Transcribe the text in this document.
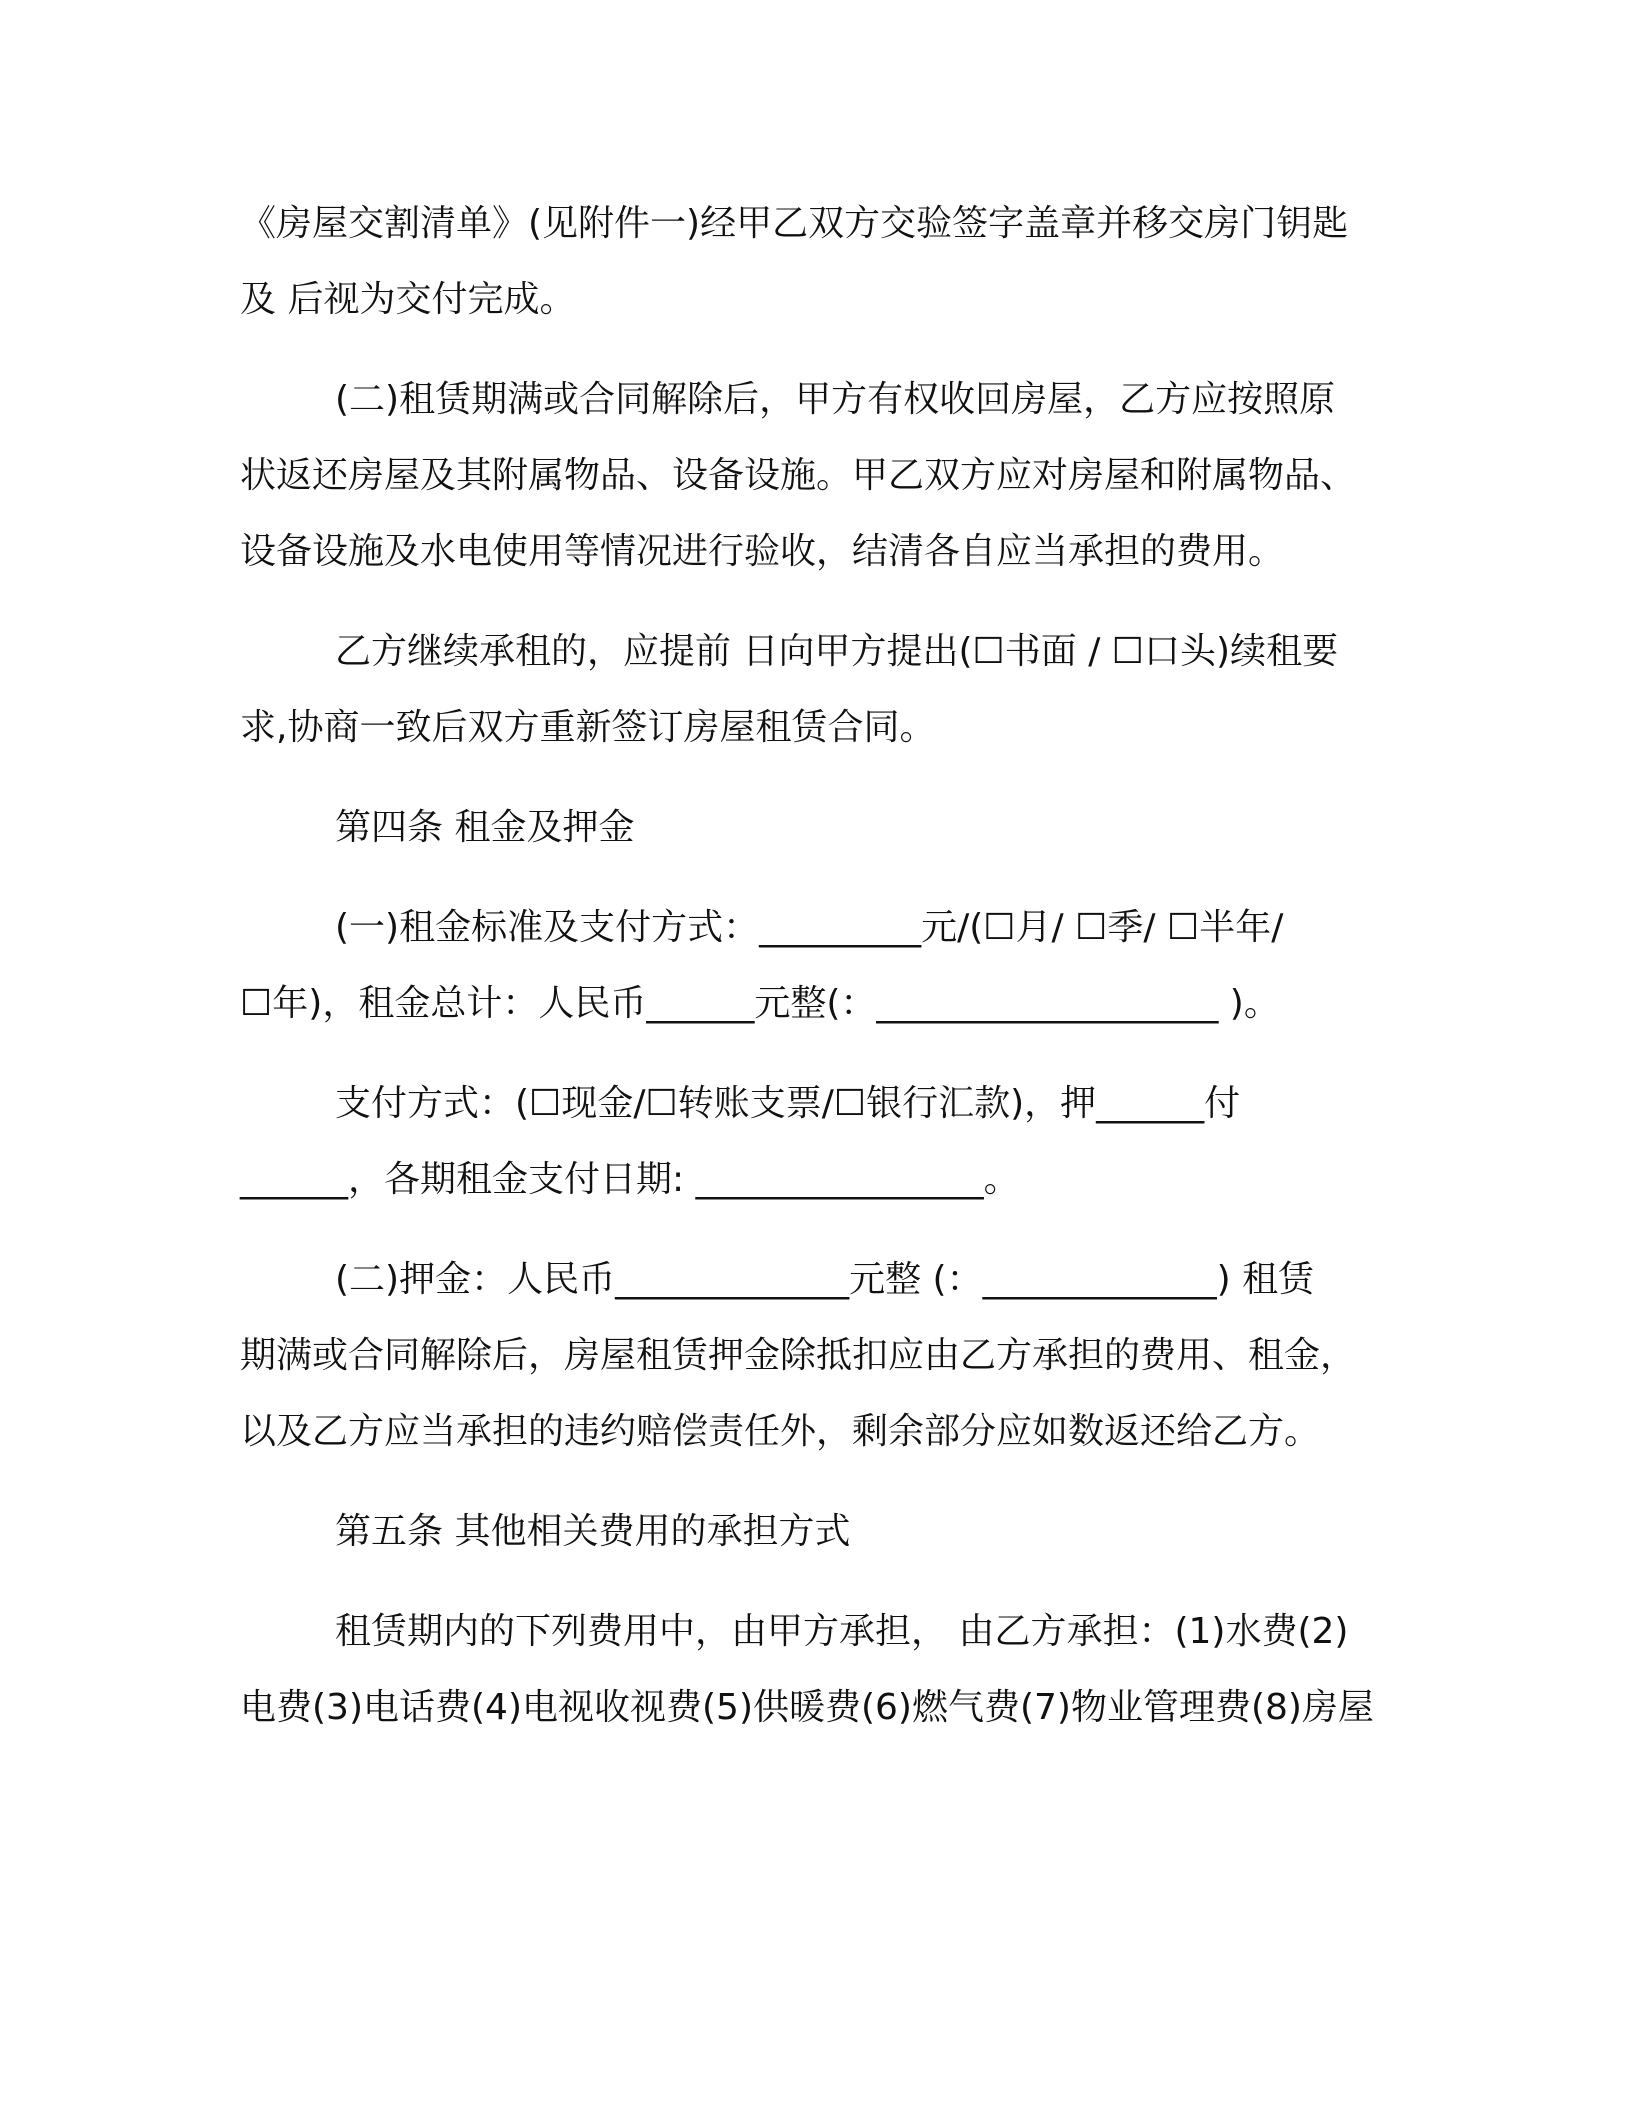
《房屋交割清单》(见附件一)经甲乙双方交验签字盖章并移交房门钥匙
及 后视为交付完成。

(二)租赁期满或合同解除后，甲方有权收回房屋，乙方应按照原
状返还房屋及其附属物品、设备设施。甲乙双方应对房屋和附属物品、
设备设施及水电使用等情况进行验收，结清各自应当承担的费用。

乙方继续承租的，应提前 日向甲方提出(☐书面 / ☐口头)续租要
求,协商一致后双方重新签订房屋租赁合同。

第四条 租金及押金

(一)租金标准及支付方式：_________元/(☐月/ ☐季/ ☐半年/
☐年)，租金总计：人民币______元整(：___________________ )。

支付方式：(☐现金/☐转账支票/☐银行汇款)，押______付
______，各期租金支付日期: ________________。

(二)押金：人民币_____________元整 (：_____________) 租赁
期满或合同解除后，房屋租赁押金除抵扣应由乙方承担的费用、租金，
以及乙方应当承担的违约赔偿责任外，剩余部分应如数返还给乙方。

第五条 其他相关费用的承担方式

租赁期内的下列费用中，由甲方承担， 由乙方承担：(1)水费(2)
电费(3)电话费(4)电视收视费(5)供暖费(6)燃气费(7)物业管理费(8)房屋
